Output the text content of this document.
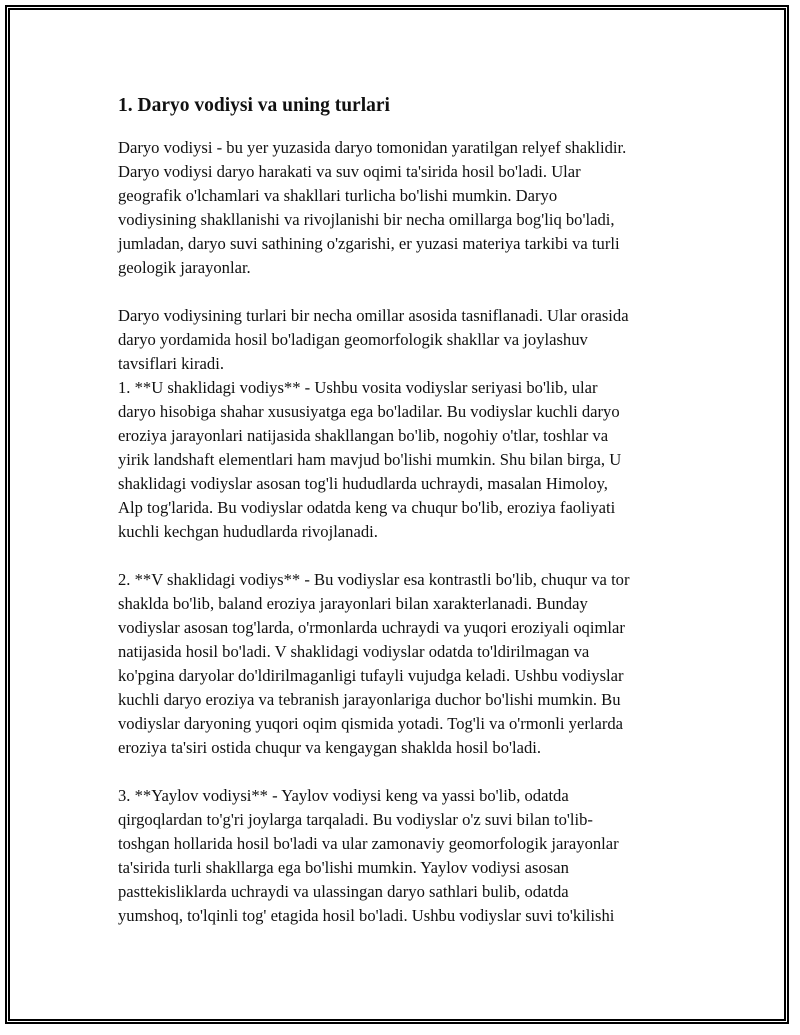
1. Daryo vodiysi va uning turlari

Daryo vodiysi - bu yer yuzasida daryo tomonidan yaratilgan relyef shaklidir.
Daryo vodiysi daryo harakati va suv oqimi ta'sirida hosil bo'ladi. Ular
geografik o'lchamlari va shakllari turlicha bo'lishi mumkin. Daryo
vodiysining shakllanishi va rivojlanishi bir necha omillarga bog'liq bo'ladi,
jumladan, daryo suvi sathining o'zgarishi, er yuzasi materiya tarkibi va turli
geologik jarayonlar.

Daryo vodiysining turlari bir necha omillar asosida tasniflanadi. Ular orasida
daryo yordamida hosil bo'ladigan geomorfologik shakllar va joylashuv
tavsiflari kiradi.
1. **U shaklidagi vodiys** - Ushbu vosita vodiyslar seriyasi bo'lib, ular
daryo hisobiga shahar xususiyatga ega bo'ladilar. Bu vodiyslar kuchli daryo
eroziya jarayonlari natijasida shakllangan bo'lib, nogohiy o'tlar, toshlar va
yirik landshaft elementlari ham mavjud bo'lishi mumkin. Shu bilan birga, U
shaklidagi vodiyslar asosan tog'li hududlarda uchraydi, masalan Himoloy,
Alp tog'larida. Bu vodiyslar odatda keng va chuqur bo'lib, eroziya faoliyati
kuchli kechgan hududlarda rivojlanadi.

2. **V shaklidagi vodiys** - Bu vodiyslar esa kontrastli bo'lib, chuqur va tor
shaklda bo'lib, baland eroziya jarayonlari bilan xarakterlanadi. Bunday
vodiyslar asosan tog'larda, o'rmonlarda uchraydi va yuqori eroziyali oqimlar
natijasida hosil bo'ladi. V shaklidagi vodiyslar odatda to'ldirilmagan va
ko'pgina daryolar do'ldirilmaganligi tufayli vujudga keladi. Ushbu vodiyslar
kuchli daryo eroziya va tebranish jarayonlariga duchor bo'lishi mumkin. Bu
vodiyslar daryoning yuqori oqim qismida yotadi. Tog'li va o'rmonli yerlarda
eroziya ta'siri ostida chuqur va kengaygan shaklda hosil bo'ladi.

3. **Yaylov vodiysi** - Yaylov vodiysi keng va yassi bo'lib, odatda
qirgoqlardan to'g'ri joylarga tarqaladi. Bu vodiyslar o'z suvi bilan to'lib-
toshgan hollarida hosil bo'ladi va ular zamonaviy geomorfologik jarayonlar
ta'sirida turli shakllarga ega bo'lishi mumkin. Yaylov vodiysi asosan
pasttekisliklarda uchraydi va ulassingan daryo sathlari bulib, odatda
yumshoq, to'lqinli tog' etagida hosil bo'ladi. Ushbu vodiyslar suvi to'kilishi
